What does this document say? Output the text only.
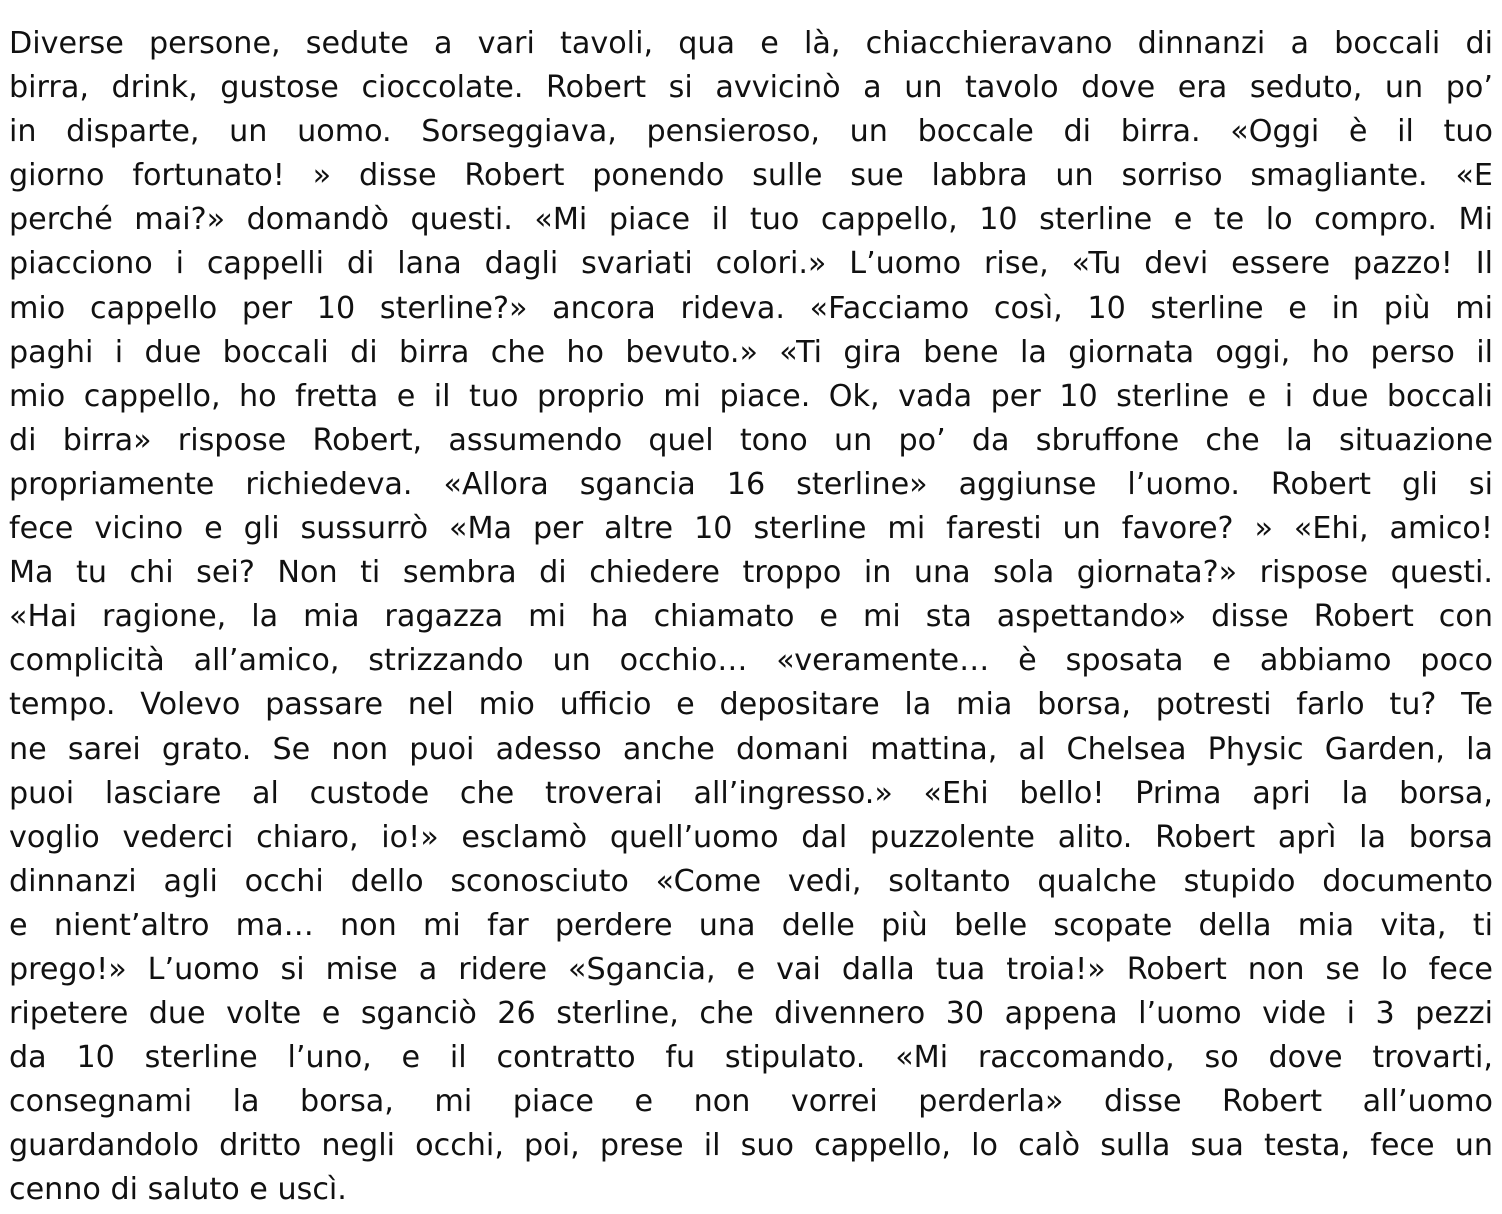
Diverse persone, sedute a vari tavoli, qua e là, chiacchieravano dinnanzi a boccali di
birra, drink, gustose cioccolate. Robert si avvicinò a un tavolo dove era seduto, un po’
in disparte, un uomo. Sorseggiava, pensieroso, un boccale di birra. «Oggi è il tuo
giorno fortunato! » disse Robert ponendo sulle sue labbra un sorriso smagliante. «E
perché mai?» domandò questi. «Mi piace il tuo cappello, 10 sterline e te lo compro. Mi
piacciono i cappelli di lana dagli svariati colori.» L’uomo rise, «Tu devi essere pazzo! Il
mio cappello per 10 sterline?» ancora rideva. «Facciamo così, 10 sterline e in più mi
paghi i due boccali di birra che ho bevuto.» «Ti gira bene la giornata oggi, ho perso il
mio cappello, ho fretta e il tuo proprio mi piace. Ok, vada per 10 sterline e i due boccali
di birra» rispose Robert, assumendo quel tono un po’ da sbruffone che la situazione
propriamente richiedeva. «Allora sgancia 16 sterline» aggiunse l’uomo. Robert gli si
fece vicino e gli sussurrò «Ma per altre 10 sterline mi faresti un favore? » «Ehi, amico!
Ma tu chi sei? Non ti sembra di chiedere troppo in una sola giornata?» rispose questi.
«Hai ragione, la mia ragazza mi ha chiamato e mi sta aspettando» disse Robert con
complicità all’amico, strizzando un occhio… «veramente… è sposata e abbiamo poco
tempo. Volevo passare nel mio ufficio e depositare la mia borsa, potresti farlo tu? Te
ne sarei grato. Se non puoi adesso anche domani mattina, al Chelsea Physic Garden, la
puoi lasciare al custode che troverai all’ingresso.» «Ehi bello! Prima apri la borsa,
voglio vederci chiaro, io!» esclamò quell’uomo dal puzzolente alito. Robert aprì la borsa
dinnanzi agli occhi dello sconosciuto «Come vedi, soltanto qualche stupido documento
e nient’altro ma… non mi far perdere una delle più belle scopate della mia vita, ti
prego!» L’uomo si mise a ridere «Sgancia, e vai dalla tua troia!» Robert non se lo fece
ripetere due volte e sganciò 26 sterline, che divennero 30 appena l’uomo vide i 3 pezzi
da 10 sterline l’uno, e il contratto fu stipulato. «Mi raccomando, so dove trovarti,
consegnami la borsa, mi piace e non vorrei perderla» disse Robert all’uomo
guardandolo dritto negli occhi, poi, prese il suo cappello, lo calò sulla sua testa, fece un
cenno di saluto e uscì.
